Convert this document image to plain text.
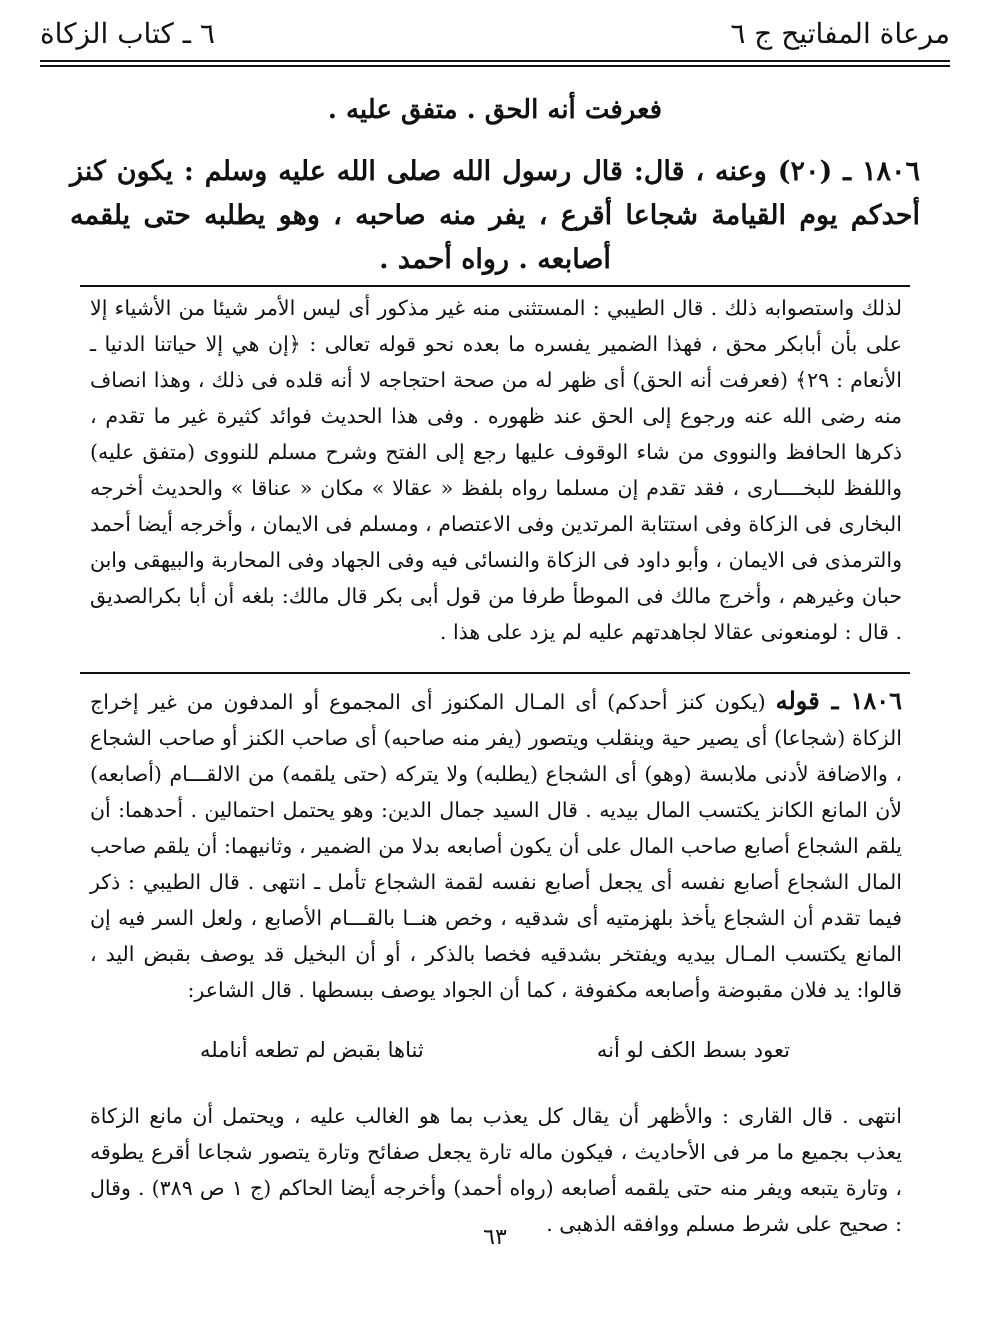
مرعاة المفاتيح ج ٦
٦ ـ كتاب الزكاة
فعرفت أنه الحق . متفق عليه .
١٨٠٦ ـ (٢٠) وعنه ، قال: قال رسول الله صلى الله عليه وسلم : يكون كنز أحدكم يوم القيامة شجاعا أقرع ، يفر منه صاحبه ، وهو يطلبه حتى يلقمه أصابعه . رواه أحمد .

لذلك واستصوابه ذلك . قال الطيبي : المستثنى منه غير مذكور أى ليس الأمر شيئا من الأشياء إلا على بأن أبابكر محق ، فهذا الضمير يفسره ما بعده نحو قوله تعالى : ﴿إن هي إلا حياتنا الدنيا ـ الأنعام : ٢٩﴾ (فعرفت أنه الحق) أى ظهر له من صحة احتجاجه لا أنه قلده فى ذلك ، وهذا انصاف منه رضى الله عنه ورجوع إلى الحق عند ظهوره . وفى هذا الحديث فوائد كثيرة غير ما تقدم ، ذكرها الحافظ والنووى من شاء الوقوف عليها رجع إلى الفتح وشرح مسلم للنووى (متفق عليه) واللفظ للبخــــارى ، فقد تقدم إن مسلما رواه بلفظ « عقالا » مكان « عناقا » والحديث أخرجه البخارى فى الزكاة وفى استتابة المرتدين وفى الاعتصام ، ومسلم فى الايمان ، وأخرجه أيضا أحمد والترمذى فى الايمان ، وأبو داود فى الزكاة والنسائى فيه وفى الجهاد وفى المحاربة والبيهقى وابن حبان وغيرهم ، وأخرج مالك فى الموطأ طرفا من قول أبى بكر قال مالك: بلغه أن أبا بكرالصديق . قال : لومنعونى عقالا لجاهدتهم عليه لم يزد على هذا .

١٨٠٦ ـ قوله (يكون كنز أحدكم) أى المـال المكنوز أى المجموع أو المدفون من غير إخراج الزكاة (شجاعا) أى يصير حية وينقلب ويتصور (يفر منه صاحبه) أى صاحب الكنز أو صاحب الشجاع ، والاضافة لأدنى ملابسة (وهو) أى الشجاع (يطلبه) ولا يتركه (حتى يلقمه) من الالقـــام (أصابعه) لأن المانع الكانز يكتسب المال بيديه . قال السيد جمال الدين: وهو يحتمل احتمالين . أحدهما: أن يلقم الشجاع أصابع صاحب المال على أن يكون أصابعه بدلا من الضمير ، وثانيهما: أن يلقم صاحب المال الشجاع أصابع نفسه أى يجعل أصابع نفسه لقمة الشجاع تأمل ـ انتهى . قال الطيبي : ذكر فيما تقدم أن الشجاع يأخذ بلهزمتيه أى شدقيه ، وخص هنــا بالقـــام الأصابع ، ولعل السر فيه إن المانع يكتسب المـال بيديه ويفتخر بشدقيه فخصا بالذكر ، أو أن البخيل قد يوصف بقبض اليد ، قالوا: يد فلان مقبوضة وأصابعه مكفوفة ، كما أن الجواد يوصف ببسطها . قال الشاعر:

تعود بسط الكف لو أنه
ثناها بقبض لم تطعه أنامله

انتهى . قال القارى : والأظهر أن يقال كل يعذب بما هو الغالب عليه ، ويحتمل أن مانع الزكاة يعذب بجميع ما مر فى الأحاديث ، فيكون ماله تارة يجعل صفائح وتارة يتصور شجاعا أقرع يطوقه ، وتارة يتبعه ويفر منه حتى يلقمه أصابعه (رواه أحمد) وأخرجه أيضا الحاكم (ج ١ ص ٣٨٩) . وقال : صحيح على شرط مسلم ووافقه الذهبى .

٦٣
